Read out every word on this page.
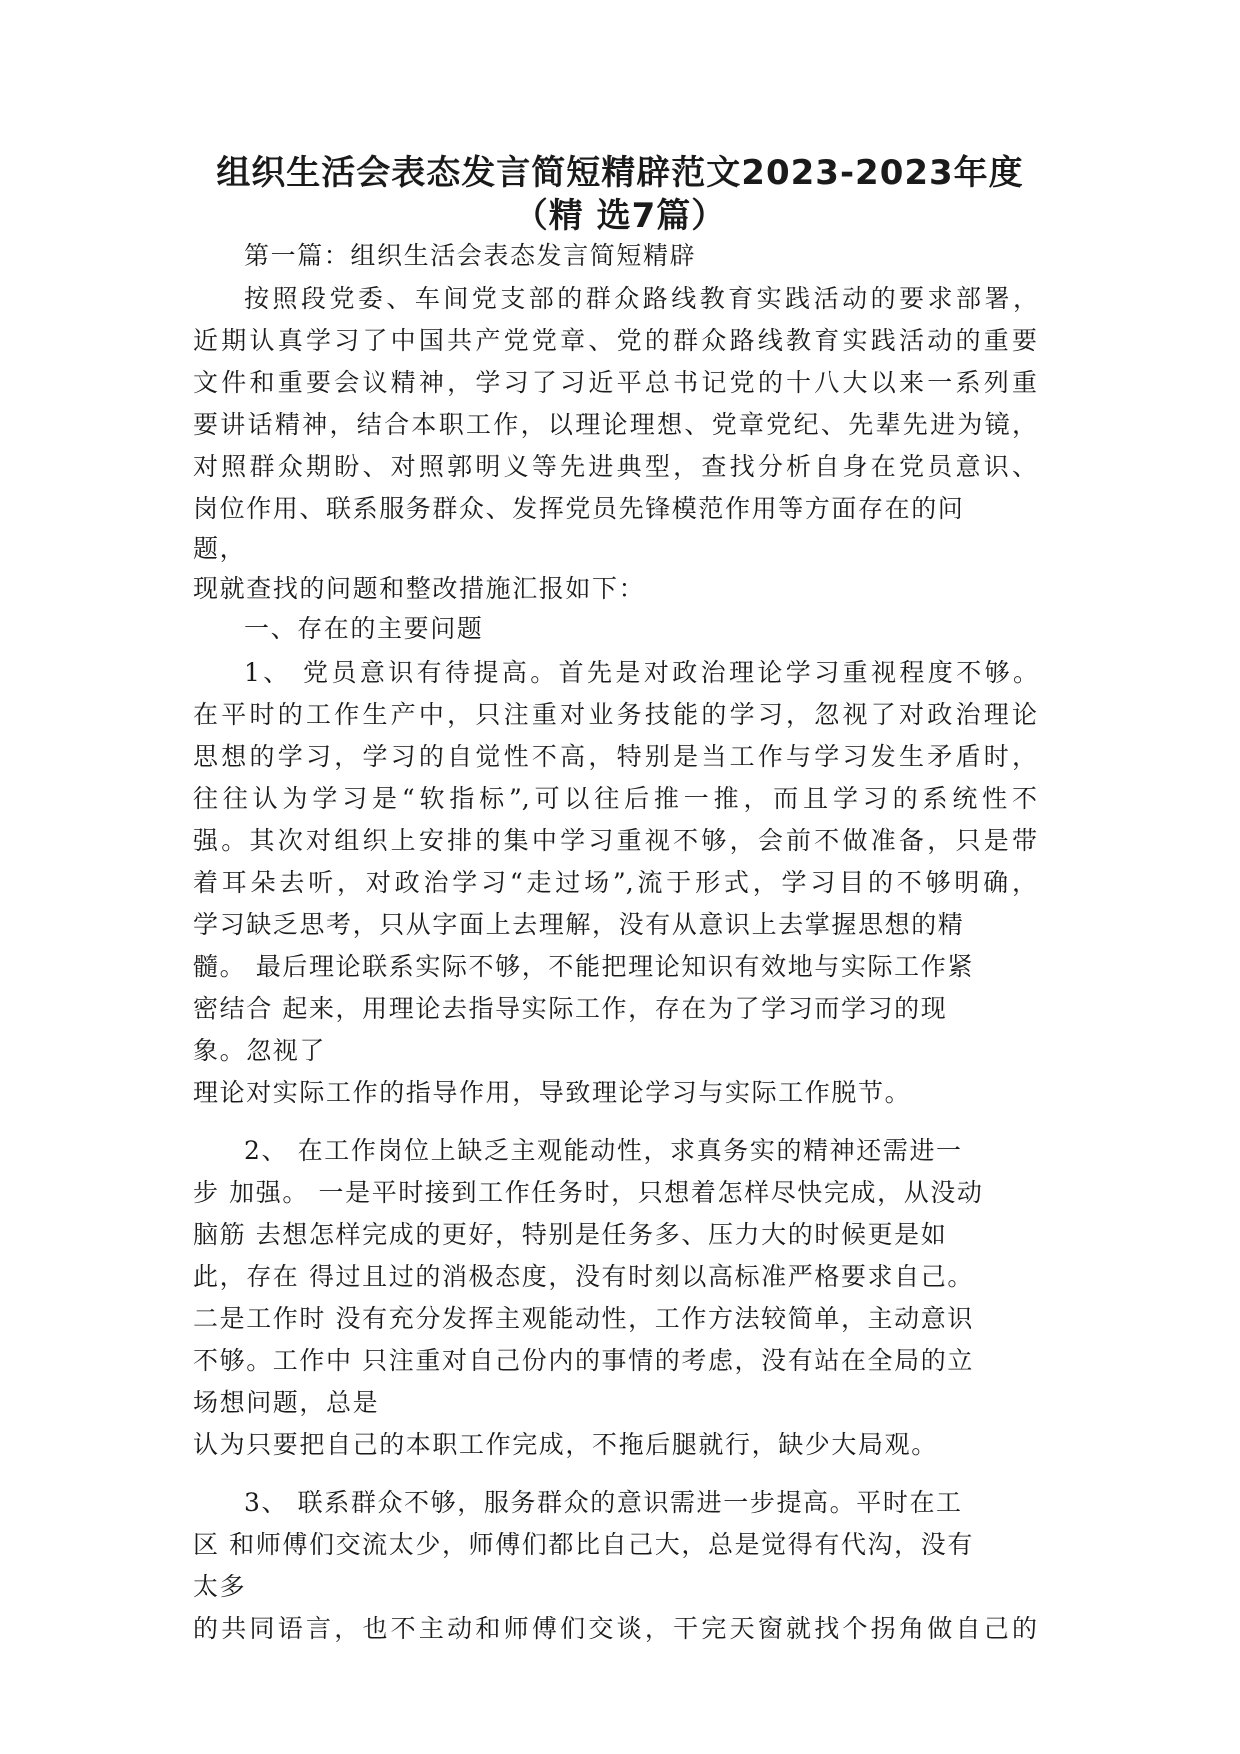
组织生活会表态发言简短精辟范文2023-2023年度
（精 选7篇）

第一篇：组织生活会表态发言简短精辟

按照段党委、车间党支部的群众路线教育实践活动的要求部署，

近期认真学习了中国共产党党章、党的群众路线教育实践活动的重要

文件和重要会议精神，学习了习近平总书记党的十八大以来一系列重

要讲话精神，结合本职工作，以理论理想、党章党纪、先辈先进为镜，

对照群众期盼、对照郭明义等先进典型，查找分析自身在党员意识、

岗位作用、联系服务群众、发挥党员先锋模范作用等方面存在的问

题，

现就查找的问题和整改措施汇报如下：

一、存在的主要问题

1、 党员意识有待提高。首先是对政治理论学习重视程度不够。

在平时的工作生产中，只注重对业务技能的学习，忽视了对政治理论

思想的学习，学习的自觉性不高，特别是当工作与学习发生矛盾时，

往往认为学习是“软指标”,可以往后推一推，而且学习的系统性不

强。其次对组织上安排的集中学习重视不够，会前不做准备，只是带

着耳朵去听，对政治学习“走过场”,流于形式，学习目的不够明确，

学习缺乏思考，只从字面上去理解，没有从意识上去掌握思想的精

髓。 最后理论联系实际不够，不能把理论知识有效地与实际工作紧

密结合 起来，用理论去指导实际工作，存在为了学习而学习的现

象。忽视了

理论对实际工作的指导作用，导致理论学习与实际工作脱节。

2、 在工作岗位上缺乏主观能动性，求真务实的精神还需进一

步 加强。 一是平时接到工作任务时，只想着怎样尽快完成，从没动

脑筋 去想怎样完成的更好，特别是任务多、压力大的时候更是如

此，存在 得过且过的消极态度，没有时刻以高标准严格要求自己。

二是工作时 没有充分发挥主观能动性，工作方法较简单，主动意识

不够。工作中 只注重对自己份内的事情的考虑，没有站在全局的立

场想问题，总是

认为只要把自己的本职工作完成，不拖后腿就行，缺少大局观。

3、 联系群众不够，服务群众的意识需进一步提高。平时在工

区 和师傅们交流太少，师傅们都比自己大，总是觉得有代沟，没有

太多

的共同语言，也不主动和师傅们交谈，干完天窗就找个拐角做自己的
